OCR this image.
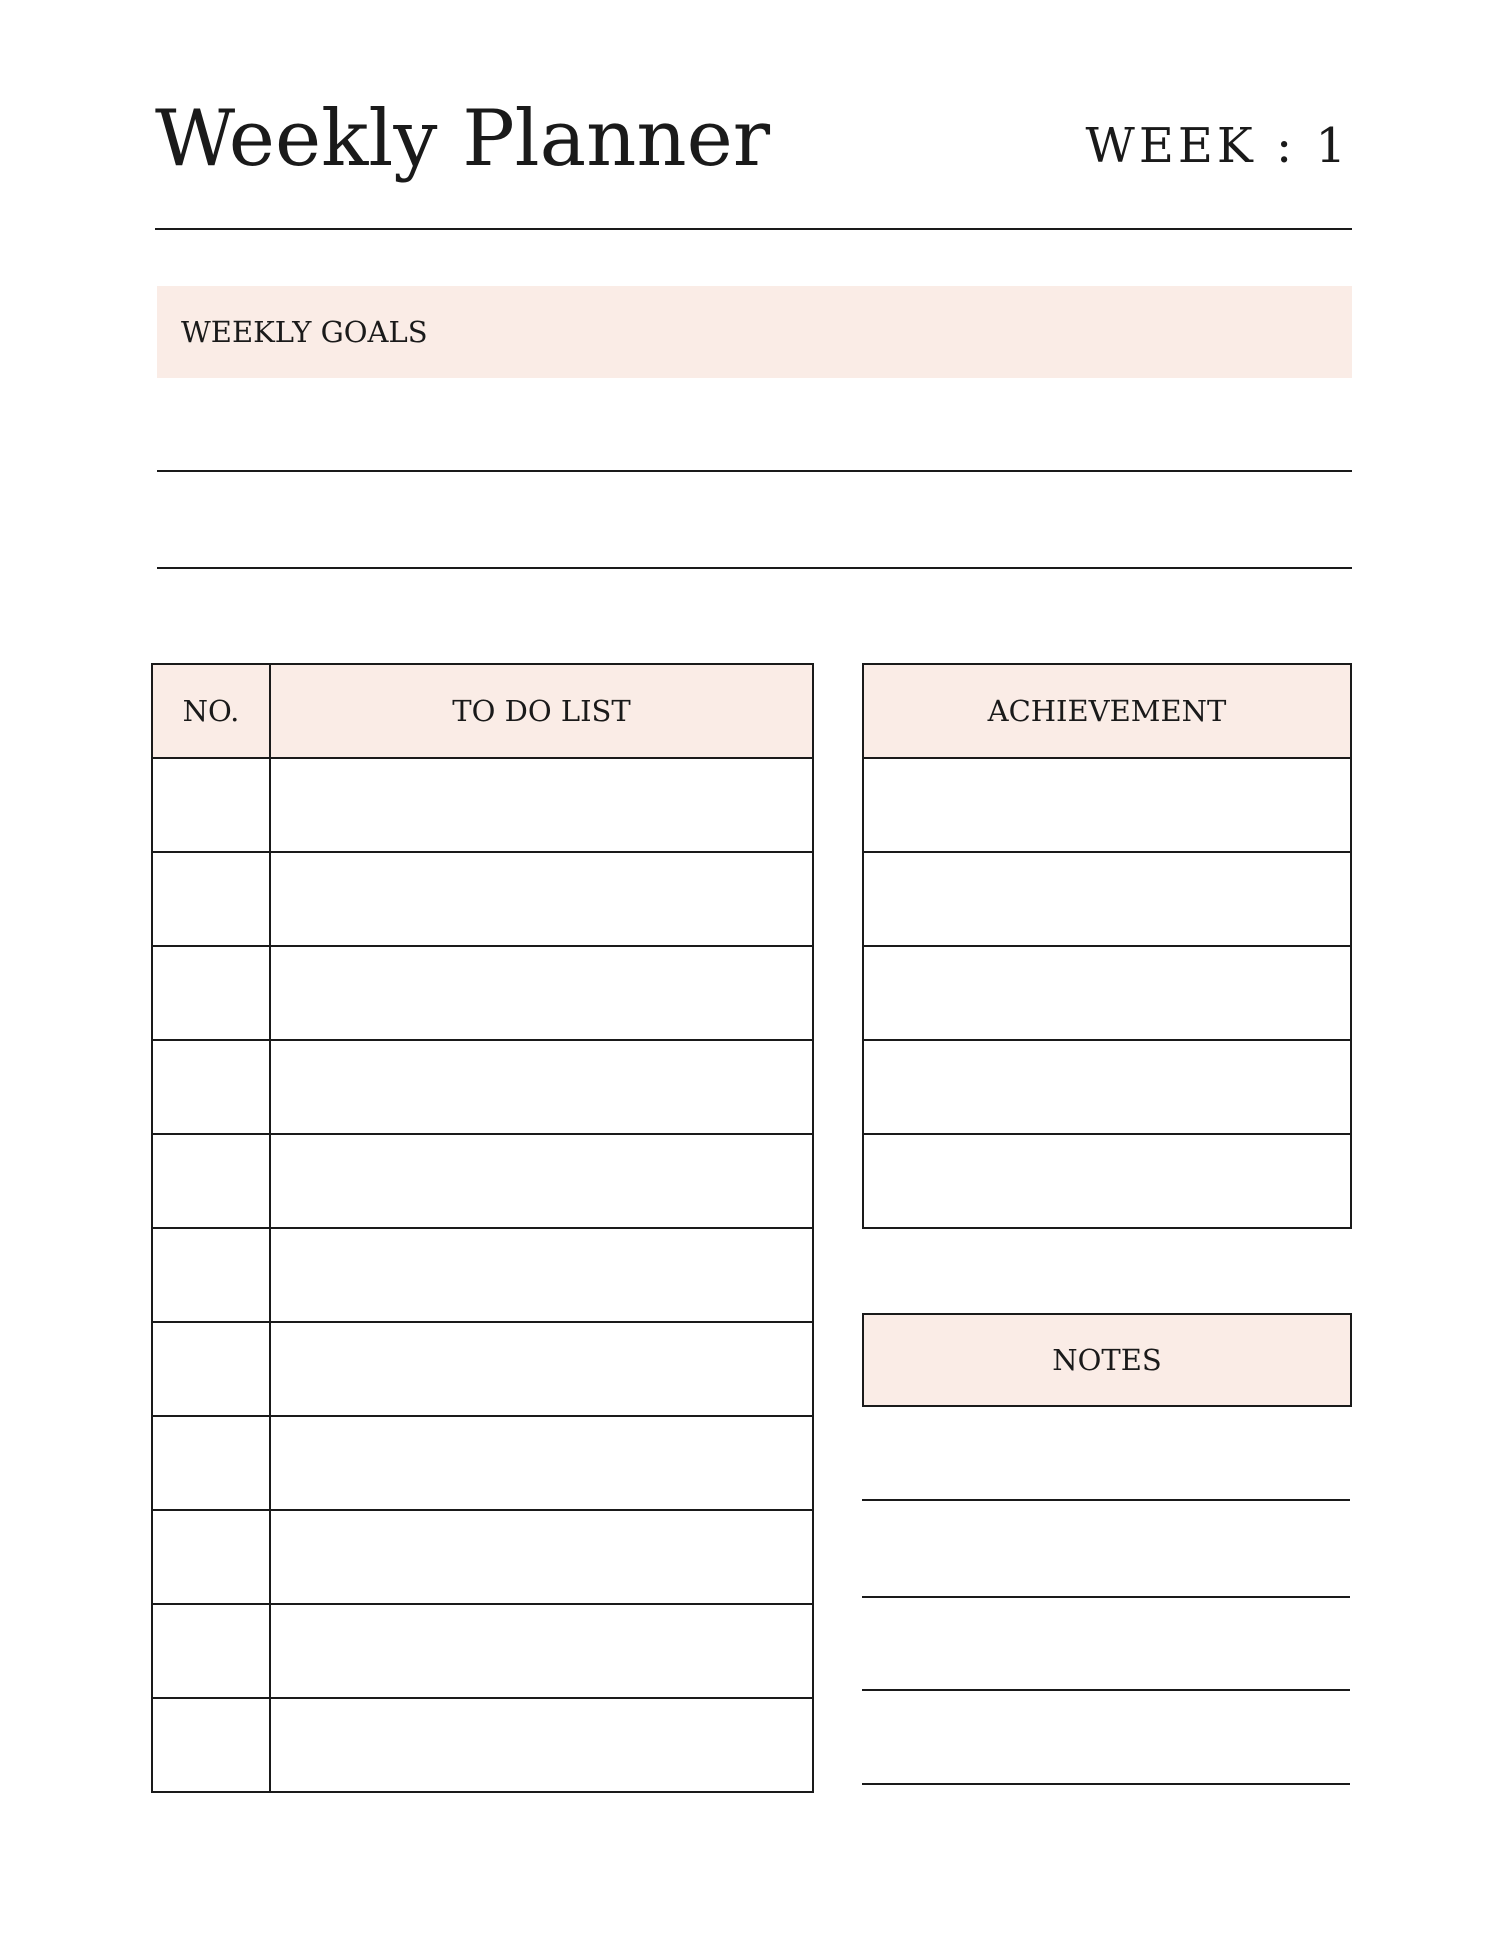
Weekly Planner	WEEK : 1
WEEKLY GOALS
NO.	TO DO LIST

		ACHIEVEMENT

NOTES
